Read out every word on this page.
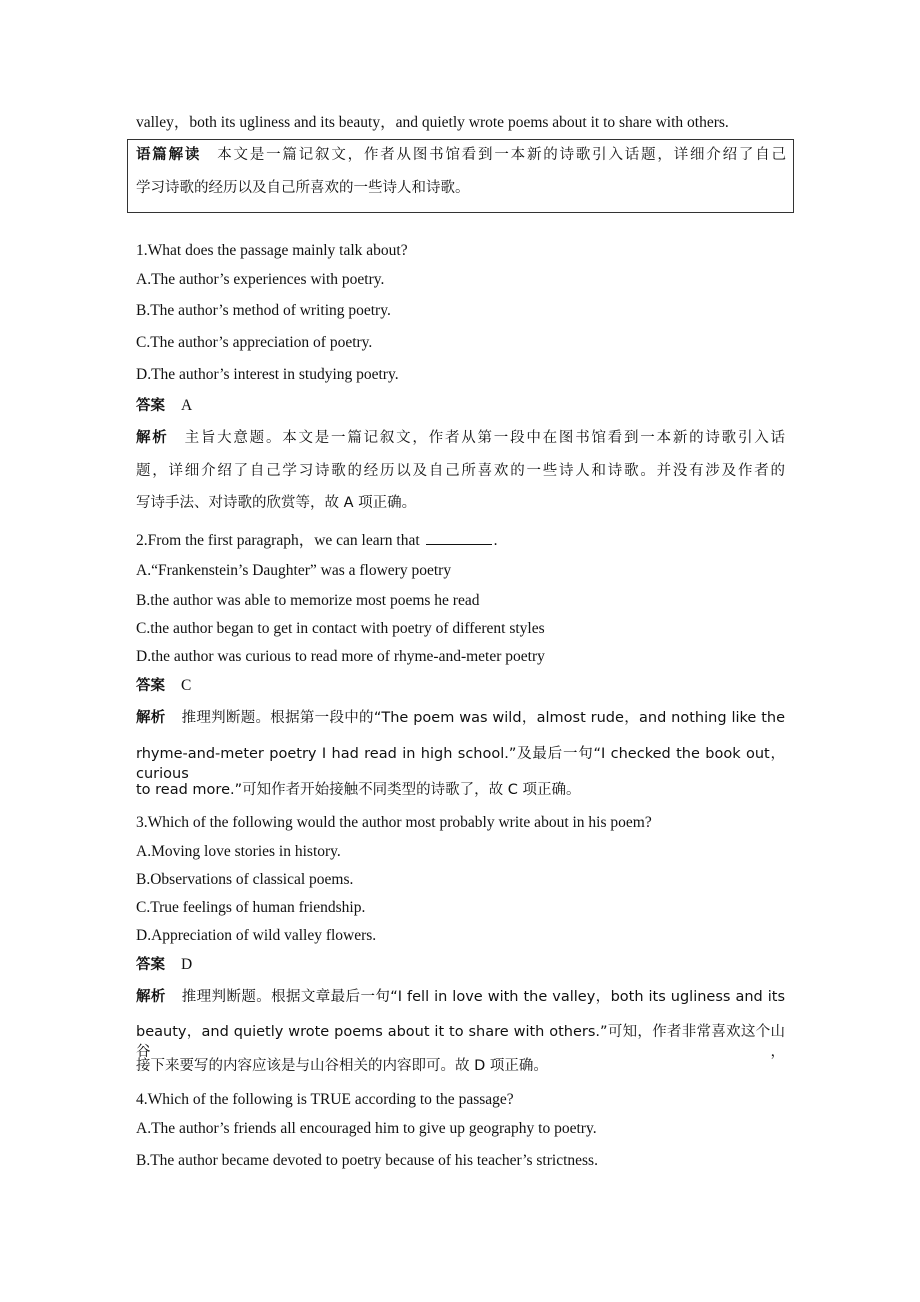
valley，both its ugliness and its beauty，and quietly wrote poems about it to share with others.
语篇解读 本文是一篇记叙文，作者从图书馆看到一本新的诗歌引入话题，详细介绍了自己
学习诗歌的经历以及自己所喜欢的一些诗人和诗歌。
1.What does the passage mainly talk about?
A.The author’s experiences with poetry.
B.The author’s method of writing poetry.
C.The author’s appreciation of poetry.
D.The author’s interest in studying poetry.
答案 A
解析 主旨大意题。本文是一篇记叙文，作者从第一段中在图书馆看到一本新的诗歌引入话
题，详细介绍了自己学习诗歌的经历以及自己所喜欢的一些诗人和诗歌。并没有涉及作者的
写诗手法、对诗歌的欣赏等，故 A 项正确。
2.From the first paragraph，we can learn that	.
A.“Frankenstein’s Daughter” was a flowery poetry
B.the author was able to memorize most poems he read
C.the author began to get in contact with poetry of different styles
D.the author was curious to read more of rhyme-and-meter poetry
答案 C
解析 推理判断题。根据第一段中的“The poem was wild，almost rude，and nothing like the
rhyme-and-meter poetry I had read in high school.”及最后一句“I checked the book out，curious
to read more.”可知作者开始接触不同类型的诗歌了，故 C 项正确。
3.Which of the following would the author most probably write about in his poem?
A.Moving love stories in history.
B.Observations of classical poems.
C.True feelings of human friendship.
D.Appreciation of wild valley flowers.
答案 D
解析 推理判断题。根据文章最后一句“I fell in love with the valley，both its ugliness and its
beauty，and quietly wrote poems about it to share with others.”可知，作者非常喜欢这个山谷，
接下来要写的内容应该是与山谷相关的内容即可。故 D 项正确。
4.Which of the following is TRUE according to the passage?
A.The author’s friends all encouraged him to give up geography to poetry.
B.The author became devoted to poetry because of his teacher’s strictness.
